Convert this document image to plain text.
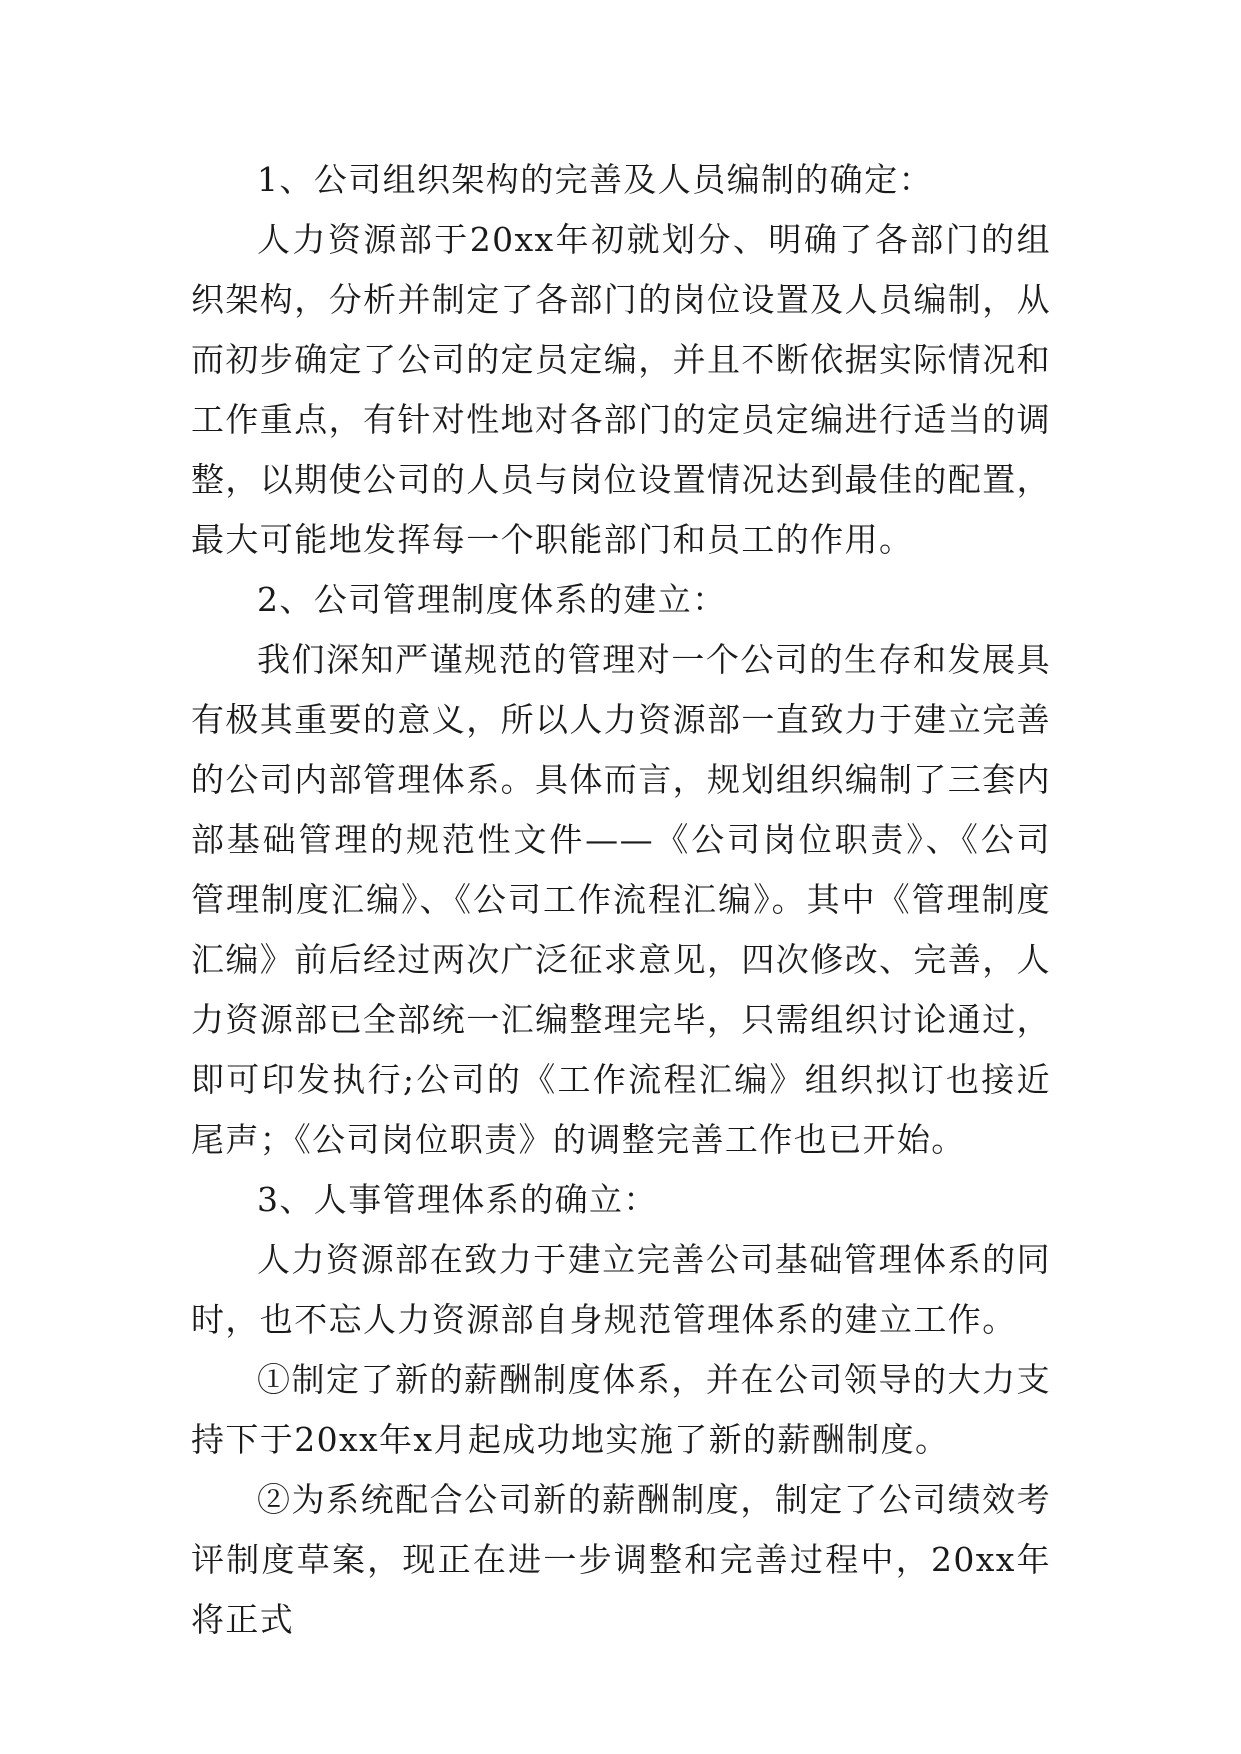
1、公司组织架构的完善及人员编制的确定：

人力资源部于20xx年初就划分、明确了各部门的组织架构，分析并制定了各部门的岗位设置及人员编制，从而初步确定了公司的定员定编，并且不断依据实际情况和工作重点，有针对性地对各部门的定员定编进行适当的调整，以期使公司的人员与岗位设置情况达到最佳的配置，最大可能地发挥每一个职能部门和员工的作用。

2、公司管理制度体系的建立：

我们深知严谨规范的管理对一个公司的生存和发展具有极其重要的意义，所以人力资源部一直致力于建立完善的公司内部管理体系。具体而言，规划组织编制了三套内部基础管理的规范性文件——《公司岗位职责》、《公司管理制度汇编》、《公司工作流程汇编》。其中《管理制度汇编》前后经过两次广泛征求意见，四次修改、完善，人力资源部已全部统一汇编整理完毕，只需组织讨论通过，即可印发执行;公司的《工作流程汇编》组织拟订也接近尾声；《公司岗位职责》的调整完善工作也已开始。

3、人事管理体系的确立：

人力资源部在致力于建立完善公司基础管理体系的同时，也不忘人力资源部自身规范管理体系的建立工作。

①制定了新的薪酬制度体系，并在公司领导的大力支持下于20xx年x月起成功地实施了新的薪酬制度。

②为系统配合公司新的薪酬制度，制定了公司绩效考评制度草案，现正在进一步调整和完善过程中，20xx年将正式
